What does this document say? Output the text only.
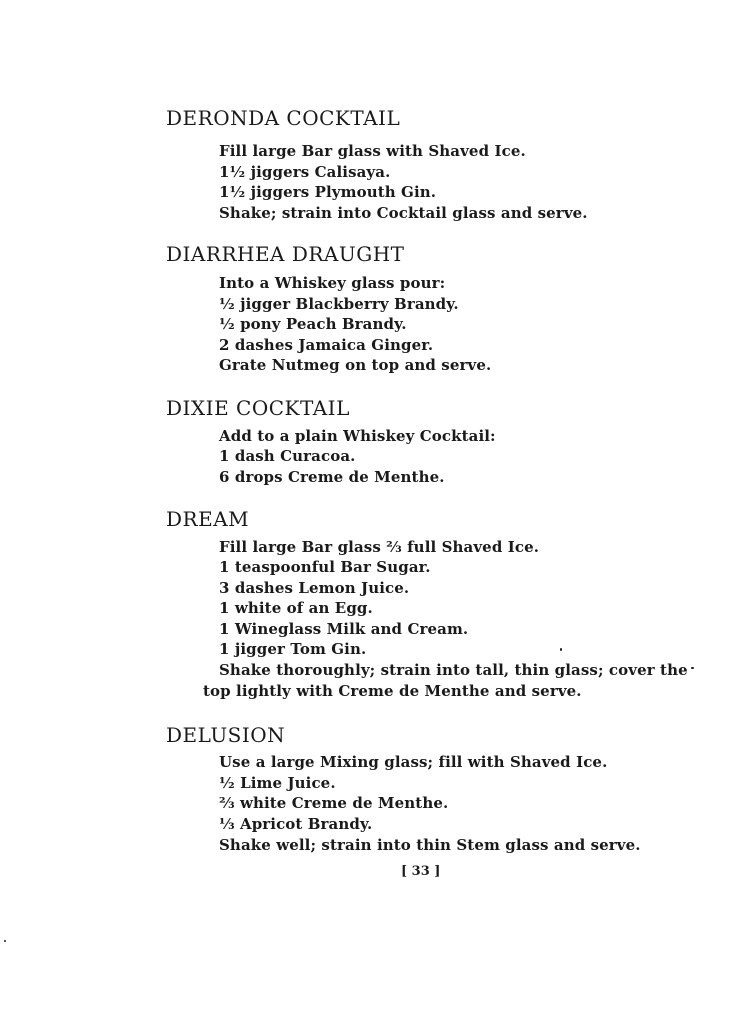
DERONDA COCKTAIL
Fill large Bar glass with Shaved Ice.
1½ jiggers Calisaya.
1½ jiggers Plymouth Gin.
Shake; strain into Cocktail glass and serve.
DIARRHEA DRAUGHT
Into a Whiskey glass pour:
½ jigger Blackberry Brandy.
½ pony Peach Brandy.
2 dashes Jamaica Ginger.
Grate Nutmeg on top and serve.
DIXIE COCKTAIL
Add to a plain Whiskey Cocktail:
1 dash Curacoa.
6 drops Creme de Menthe.
DREAM
Fill large Bar glass ⅔ full Shaved Ice.
1 teaspoonful Bar Sugar.
3 dashes Lemon Juice.
1 white of an Egg.
1 Wineglass Milk and Cream.
1 jigger Tom Gin.
Shake thoroughly; strain into tall, thin glass; cover the
top lightly with Creme de Menthe and serve.
DELUSION
Use a large Mixing glass; fill with Shaved Ice.
½ Lime Juice.
⅔ white Creme de Menthe.
⅓ Apricot Brandy.
Shake well; strain into thin Stem glass and serve.
[ 33 ]
